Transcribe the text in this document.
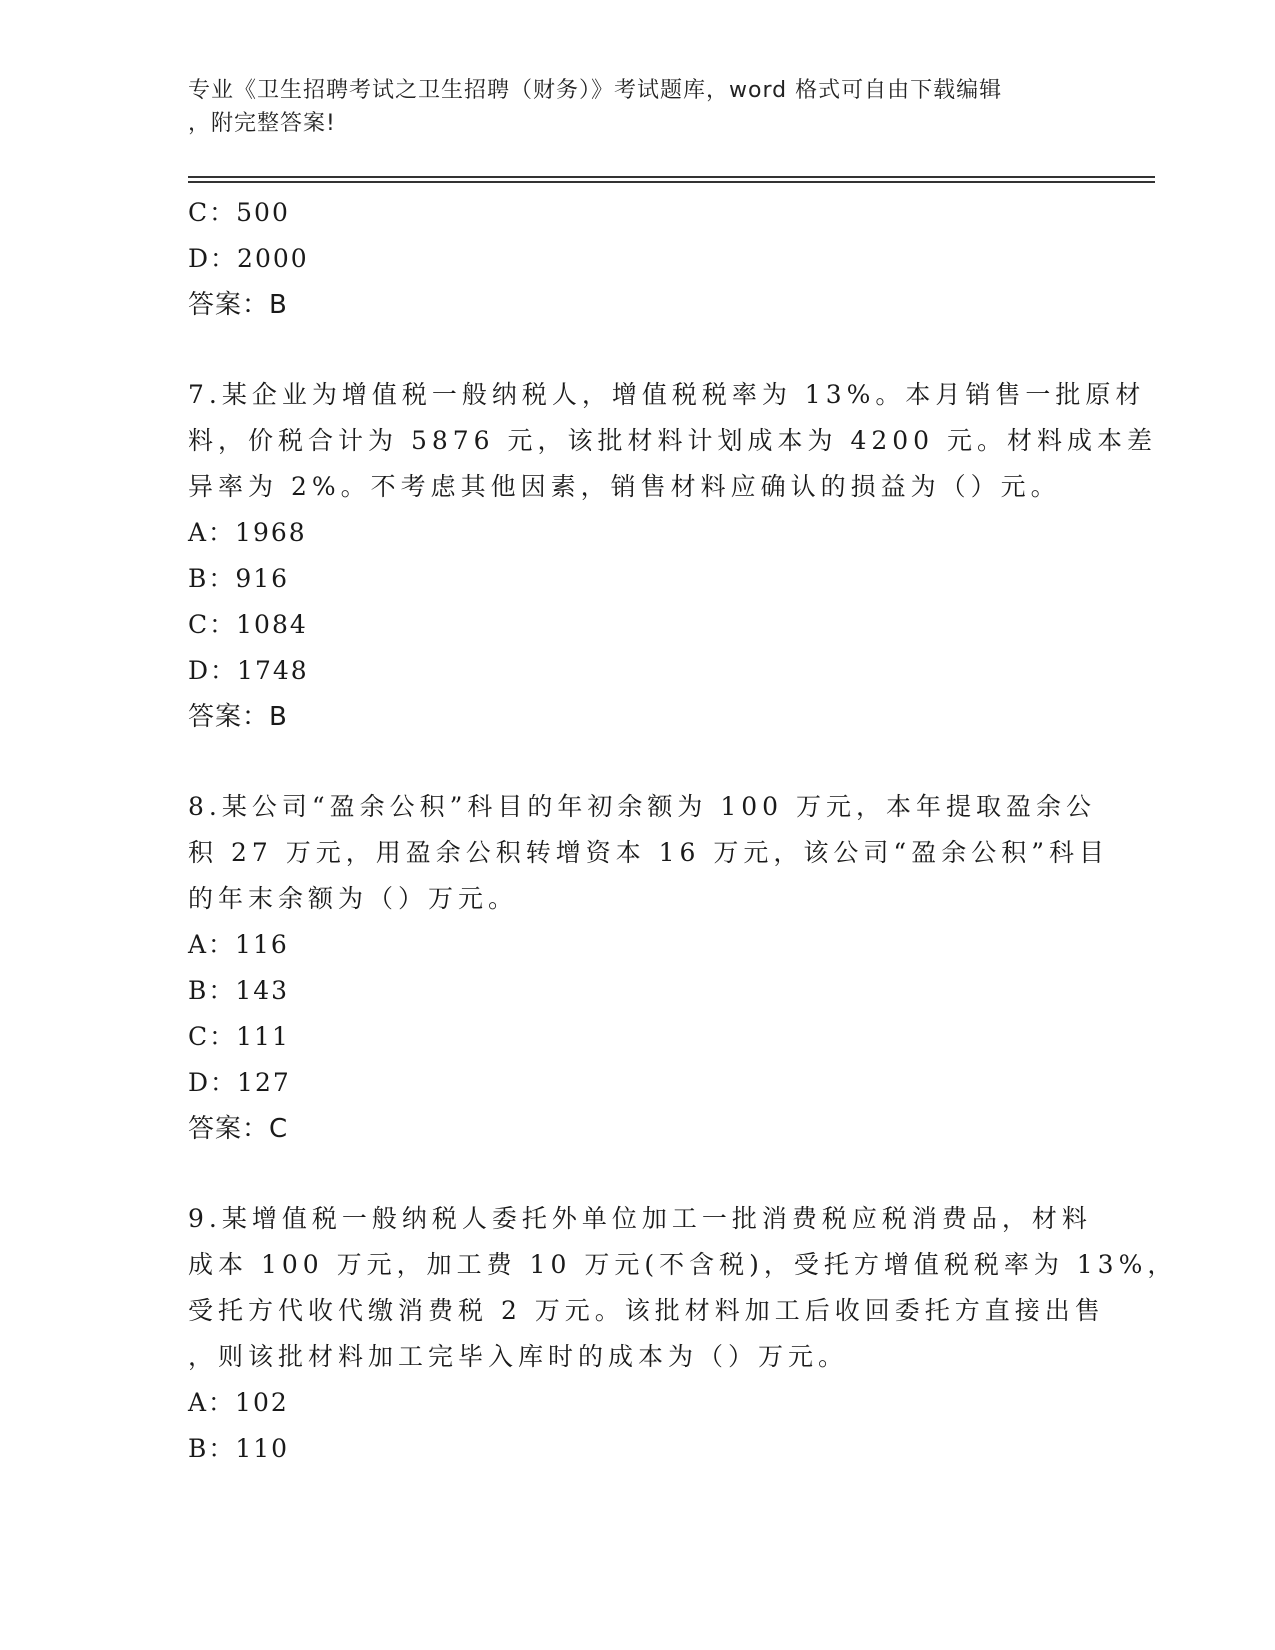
专业《卫生招聘考试之卫生招聘（财务）》考试题库，word 格式可自由下载编辑
，附完整答案!
C：500
D：2000
答案：B
7.某企业为增值税一般纳税人，增值税税率为 13%。本月销售一批原材
料，价税合计为 5876 元，该批材料计划成本为 4200 元。材料成本差
异率为 2%。不考虑其他因素，销售材料应确认的损益为（）元。
A：1968
B：916
C：1084
D：1748
答案：B
8.某公司“盈余公积”科目的年初余额为 100 万元，本年提取盈余公
积 27 万元，用盈余公积转增资本 16 万元，该公司“盈余公积”科目
的年末余额为（）万元。
A：116
B：143
C：111
D：127
答案：C
9.某增值税一般纳税人委托外单位加工一批消费税应税消费品，材料
成本 100 万元，加工费 10 万元(不含税)，受托方增值税税率为 13%，
受托方代收代缴消费税 2 万元。该批材料加工后收回委托方直接出售
，则该批材料加工完毕入库时的成本为（）万元。
A：102
B：110
